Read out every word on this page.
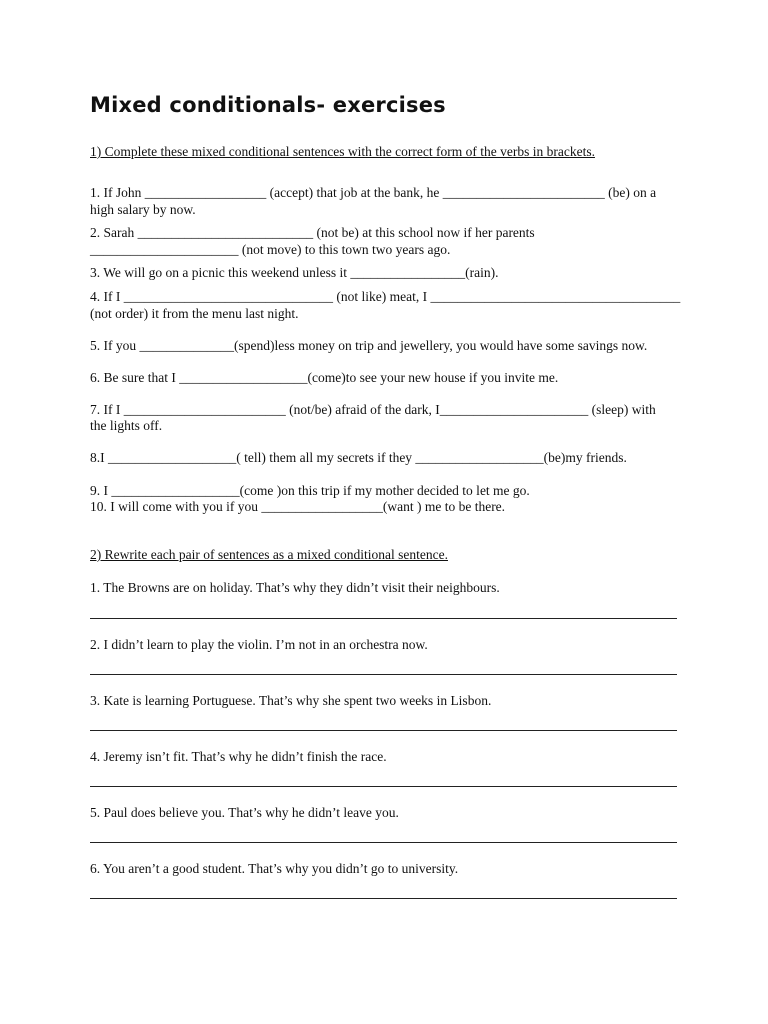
Mixed conditionals- exercises
1) Complete these mixed conditional sentences with the correct form of the verbs in brackets.
1. If John __________________ (accept) that job at the bank, he ________________________ (be) on a
high salary by now.
2. Sarah __________________________ (not be) at this school now if her parents
______________________ (not move) to this town two years ago.
3. We will go on a picnic this weekend unless it _________________(rain).
4. If I _______________________________ (not like) meat, I _____________________________________
(not order) it from the menu last night.
5. If you ______________(spend)less money on trip and jewellery, you would have some savings now.
6. Be sure that I ___________________(come)to see your new house if you invite me.
7. If I ________________________ (not/be) afraid of the dark, I______________________ (sleep) with
the lights off.
8.I ___________________( tell) them all my secrets if they ___________________(be)my friends.
9. I ___________________(come )on this trip if my mother decided to let me go.
10. I will come with you if you __________________(want ) me to be there.
2) Rewrite each pair of sentences as a mixed conditional sentence.
1. The Browns are on holiday. That’s why they didn’t visit their neighbours.
2. I didn’t learn to play the violin. I’m not in an orchestra now.
3. Kate is learning Portuguese. That’s why she spent two weeks in Lisbon.
4. Jeremy isn’t fit. That’s why he didn’t finish the race.
5. Paul does believe you. That’s why he didn’t leave you.
6. You aren’t a good student. That’s why you didn’t go to university.
